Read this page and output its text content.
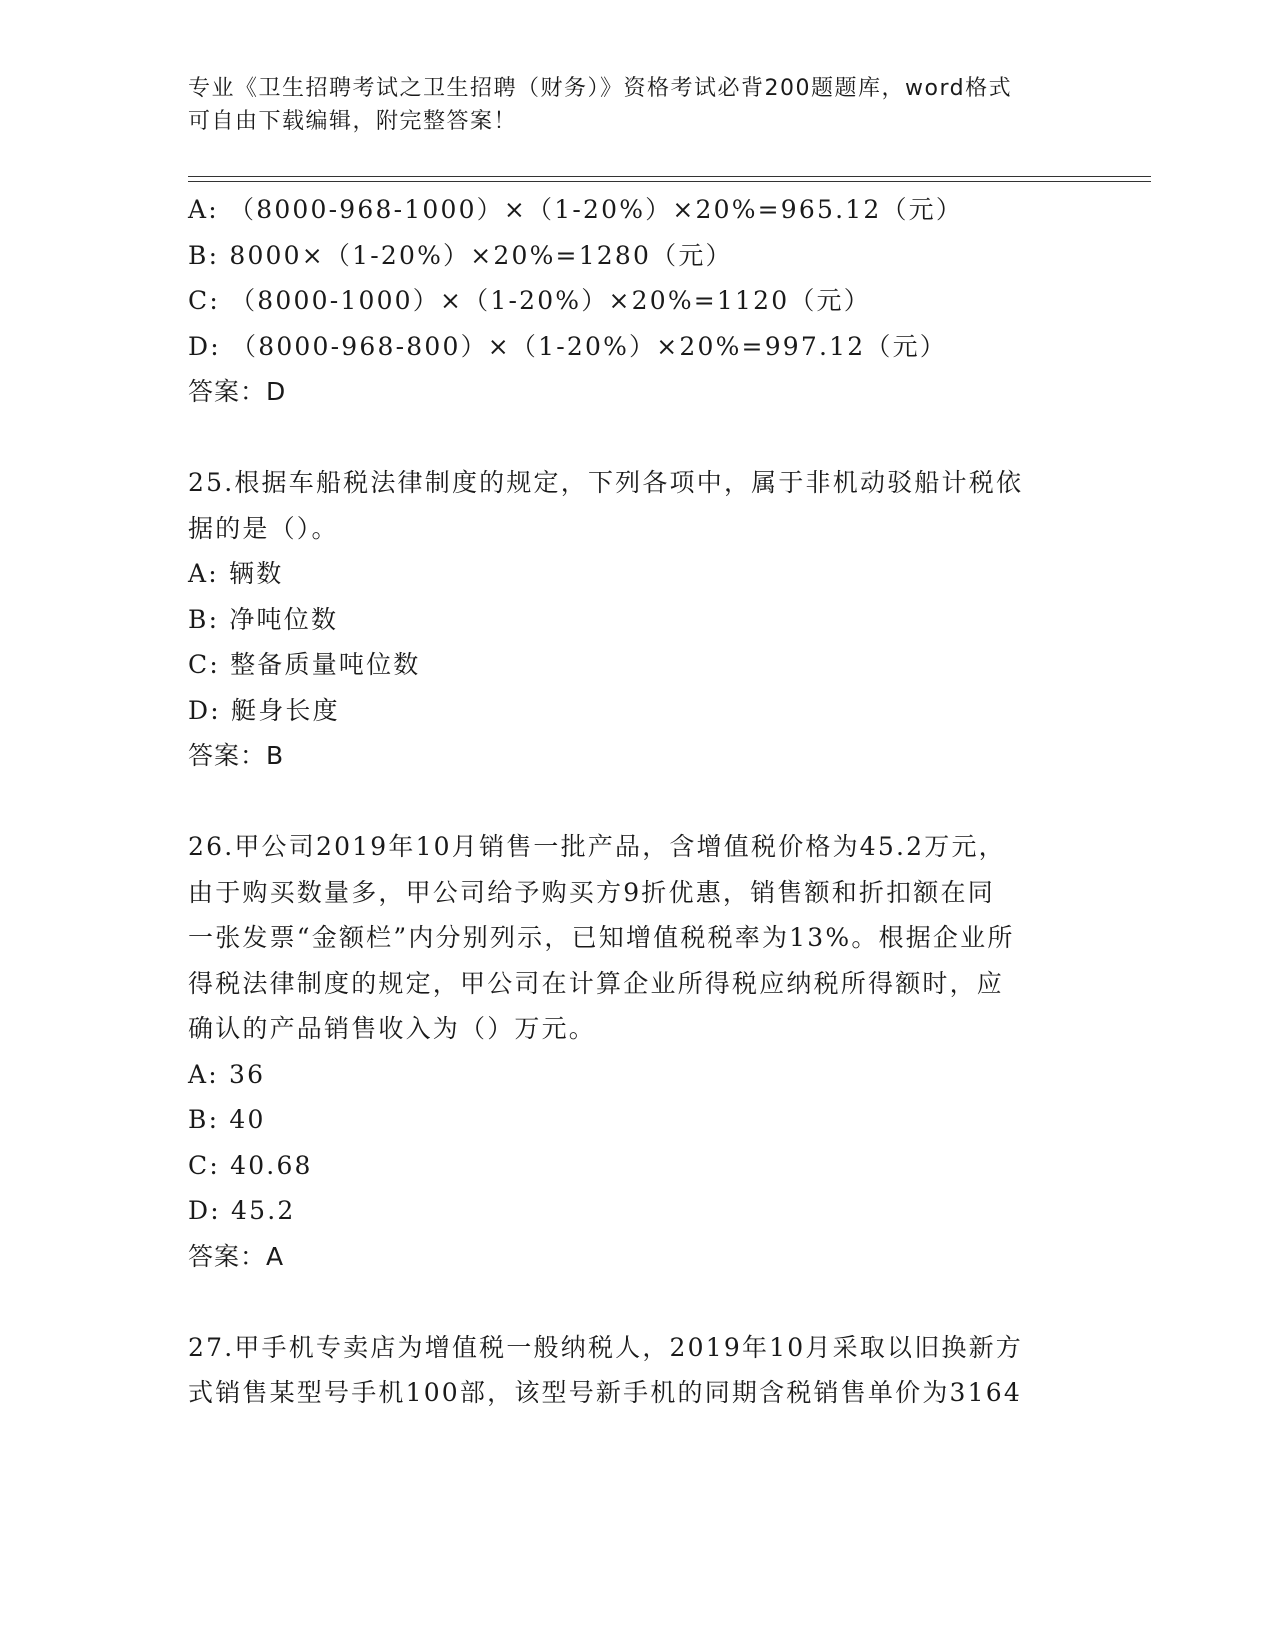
专业《卫生招聘考试之卫生招聘（财务）》资格考试必背200题题库，word格式
可自由下载编辑，附完整答案！
A: （8000-968-1000）×（1-20%）×20%=965.12（元）
B: 8000×（1-20%）×20%=1280（元）
C: （8000-1000）×（1-20%）×20%=1120（元）
D: （8000-968-800）×（1-20%）×20%=997.12（元）
答案：D
25.根据车船税法律制度的规定，下列各项中，属于非机动驳船计税依
据的是（）。
A: 辆数
B: 净吨位数
C: 整备质量吨位数
D: 艇身长度
答案：B
26.甲公司2019年10月销售一批产品，含增值税价格为45.2万元，
由于购买数量多，甲公司给予购买方9折优惠，销售额和折扣额在同
一张发票“金额栏”内分别列示，已知增值税税率为13%。根据企业所
得税法律制度的规定，甲公司在计算企业所得税应纳税所得额时，应
确认的产品销售收入为（）万元。
A: 36
B: 40
C: 40.68
D: 45.2
答案：A
27.甲手机专卖店为增值税一般纳税人，2019年10月采取以旧换新方
式销售某型号手机100部，该型号新手机的同期含税销售单价为3164
